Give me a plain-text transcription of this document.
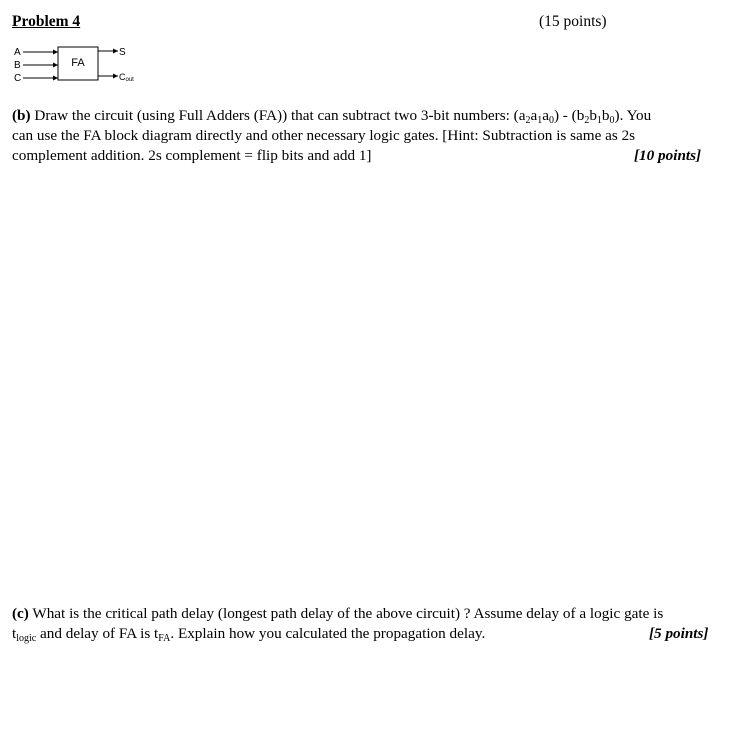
Problem 4	(15 points)
FA
A
B
C
S
Cout
(b) Draw the circuit (using Full Adders (FA)) that can subtract two 3-bit numbers: $(a_2a_1a_0) - (b_2b_1b_0)$. You
can use the FA block diagram directly and other necessary logic gates. [Hint: Subtraction is same as 2s
complement addition. 2s complement = flip bits and add 1]	[10 points]
(c) What is the critical path delay (longest path delay of the above circuit) ? Assume delay of a logic gate is
$t_{logic}$ and delay of FA is $t_{FA}$. Explain how you calculated the propagation delay.	[5 points]
